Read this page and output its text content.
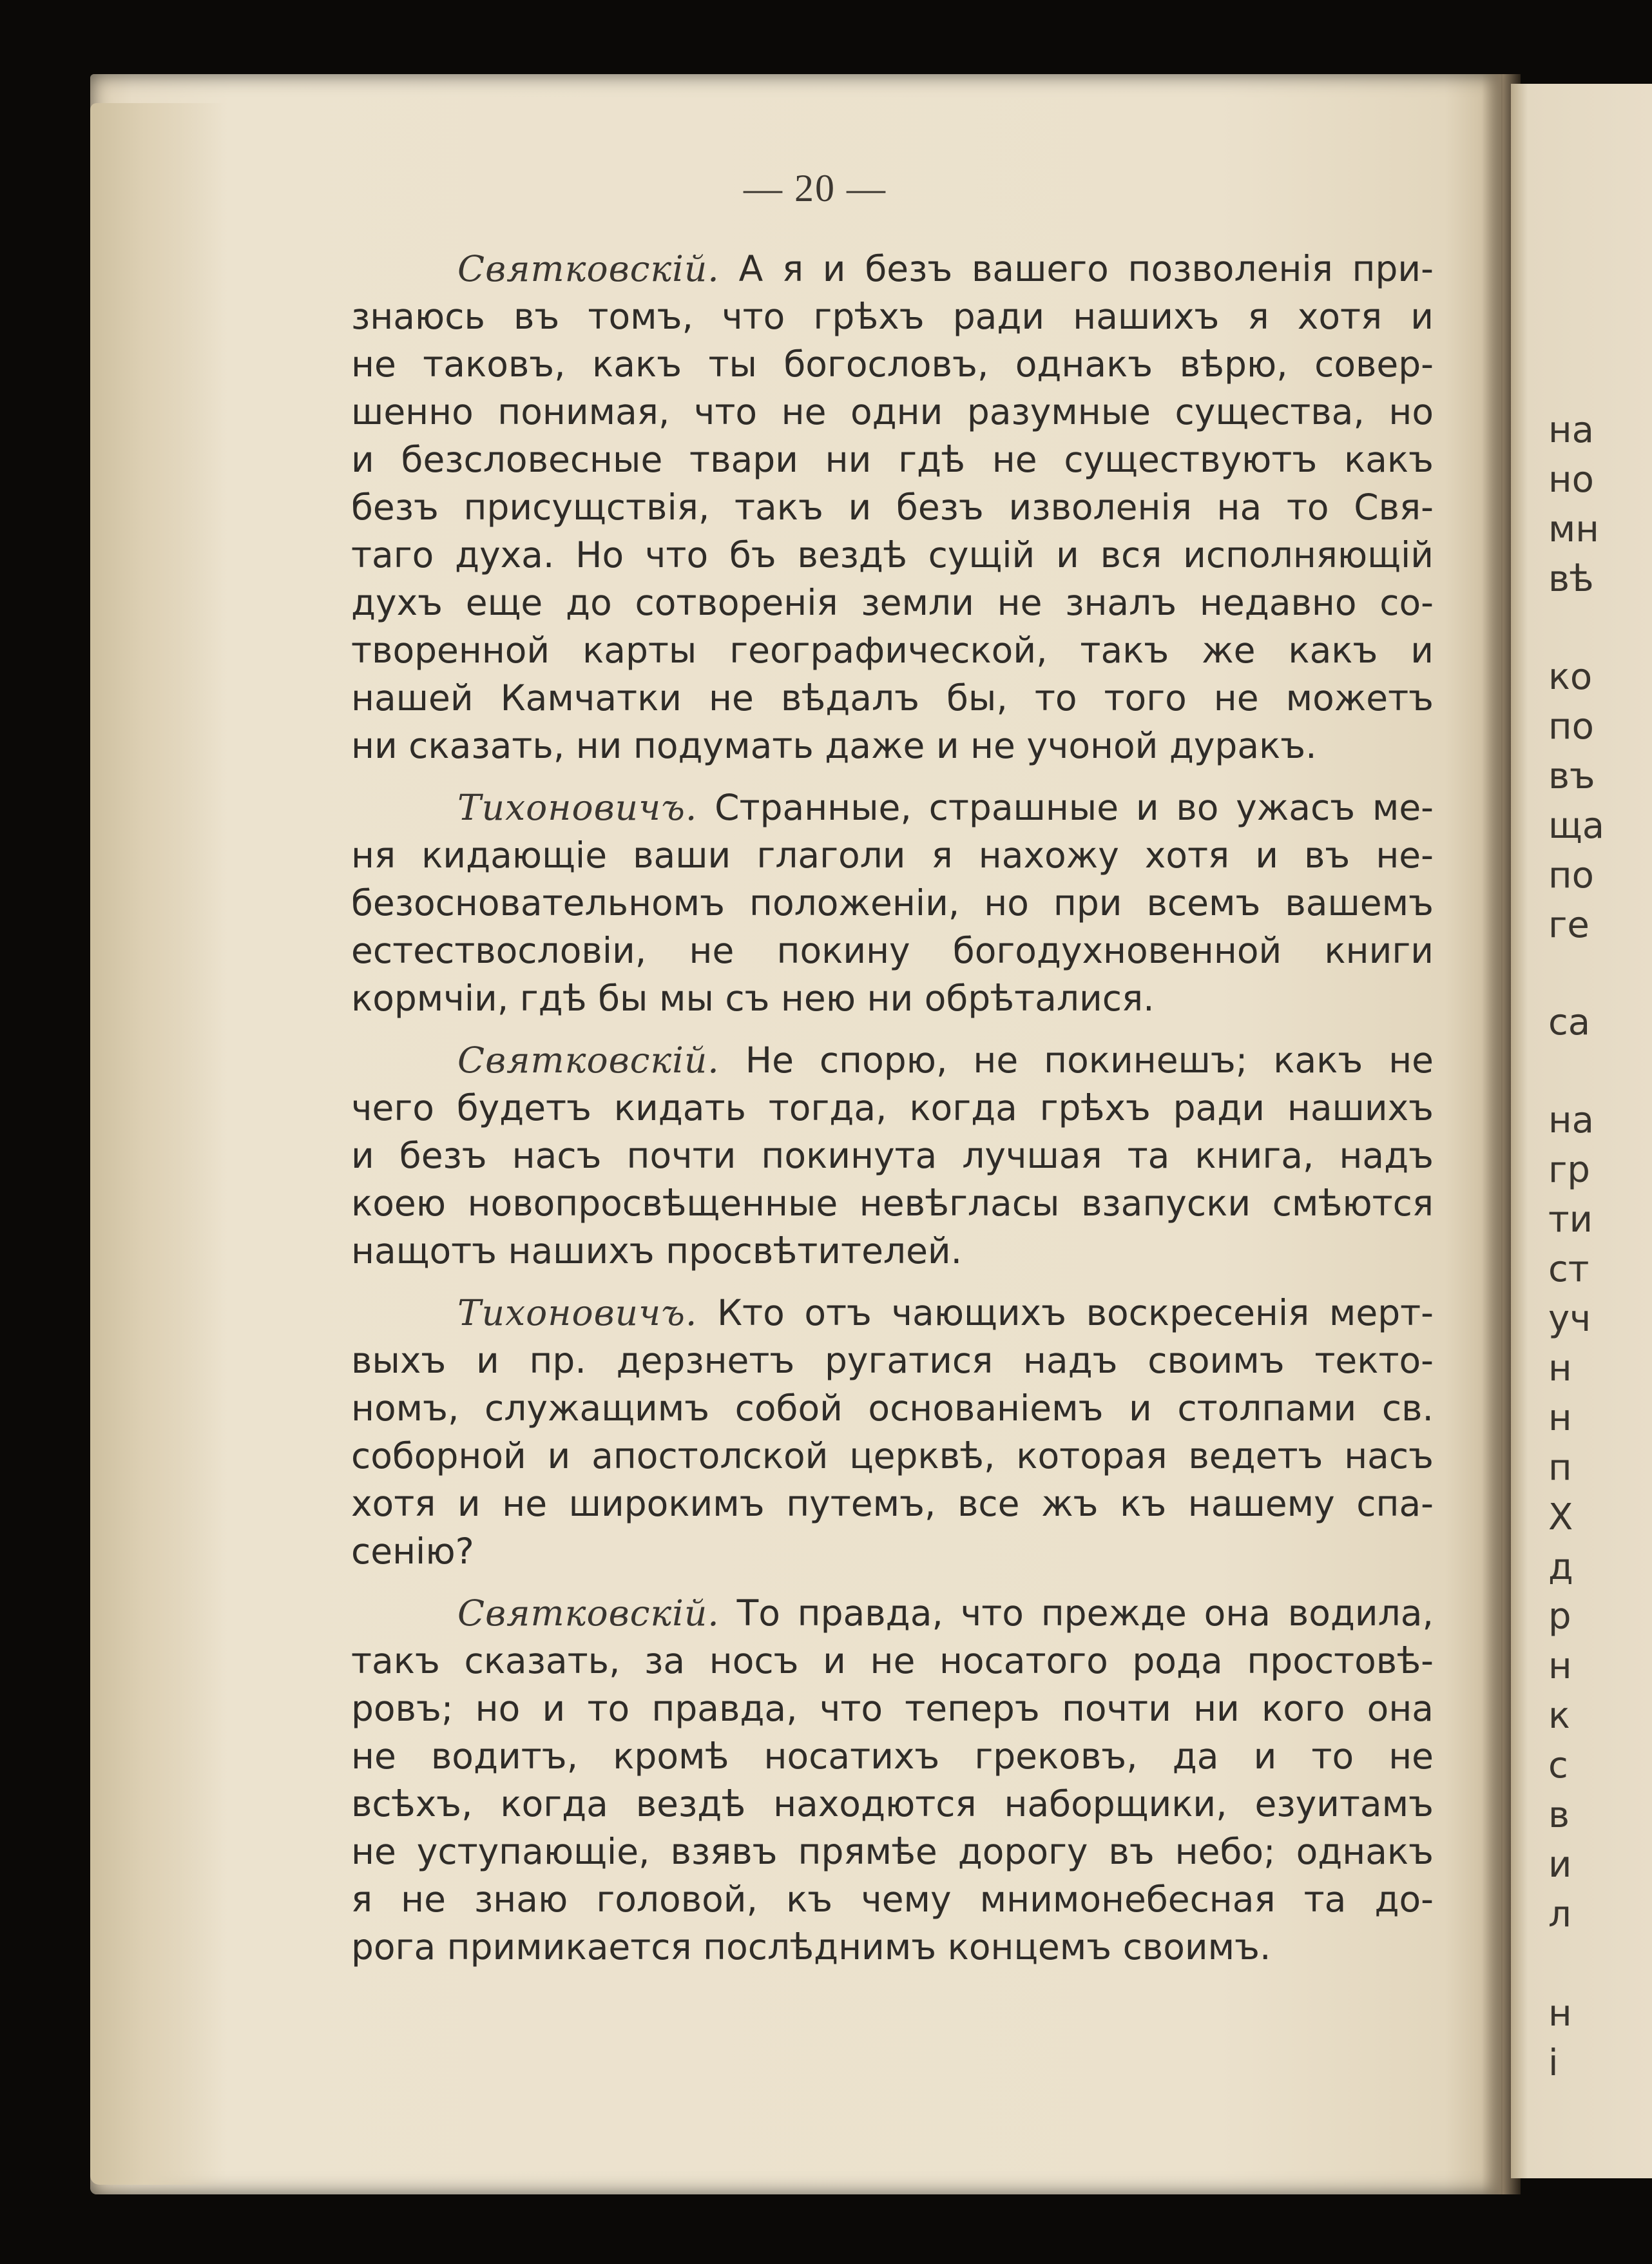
на
но
мн
вѣ
ко
по
въ
ща
по
ге
са
на
гр
ти
ст
уч
н
н
п
Х
д
р
н
к
с
в
и
л
н
і
— 20 —
Святковскій. А я и безъ вашего позволенія при-
знаюсь въ томъ, что грѣхъ ради нашихъ я хотя и
не таковъ, какъ ты богословъ, однакъ вѣрю, совер-
шенно понимая, что не одни разумные существа, но
и безсловесные твари ни гдѣ не существуютъ какъ
безъ присущствія, такъ и безъ изволенія на то Свя-
таго духа. Но что бъ вездѣ сущій и вся исполняющій
духъ еще до сотворенія земли не зналъ недавно со-
творенной карты географической, такъ же какъ и
нашей Камчатки не вѣдалъ бы, то того не можетъ
ни сказать, ни подумать даже и не учоной дуракъ.
Тихоновичъ. Странные, страшные и во ужасъ ме-
ня кидающіе ваши глаголи я нахожу хотя и въ не-
безосновательномъ положеніи, но при всемъ вашемъ
естествословіи, не покину богодухновенной книги
кормчіи, гдѣ бы мы съ нею ни обрѣталися.
Святковскій. Не спорю, не покинешъ; какъ не
чего будетъ кидать тогда, когда грѣхъ ради нашихъ
и безъ насъ почти покинута лучшая та книга, надъ
коею новопросвѣщенные невѣгласы взапуски смѣются
нащотъ нашихъ просвѣтителей.
Тихоновичъ. Кто отъ чающихъ воскресенія мерт-
выхъ и пр. дерзнетъ ругатися надъ своимъ текто-
номъ, служащимъ собой основаніемъ и столпами св.
соборной и апостолской церквѣ, которая ведетъ насъ
хотя и не широкимъ путемъ, все жъ къ нашему спа-
сенію?
Святковскій. То правда, что прежде она водила,
такъ сказать, за носъ и не носатого рода простовѣ-
ровъ; но и то правда, что теперъ почти ни кого она
не водитъ, кромѣ носатихъ грековъ, да и то не
всѣхъ, когда вездѣ находются наборщики, езуитамъ
не уступающіе, взявъ прямѣе дорогу въ небо; однакъ
я не знаю головой, къ чему мнимонебесная та до-
рога примикается послѣднимъ концемъ своимъ.
